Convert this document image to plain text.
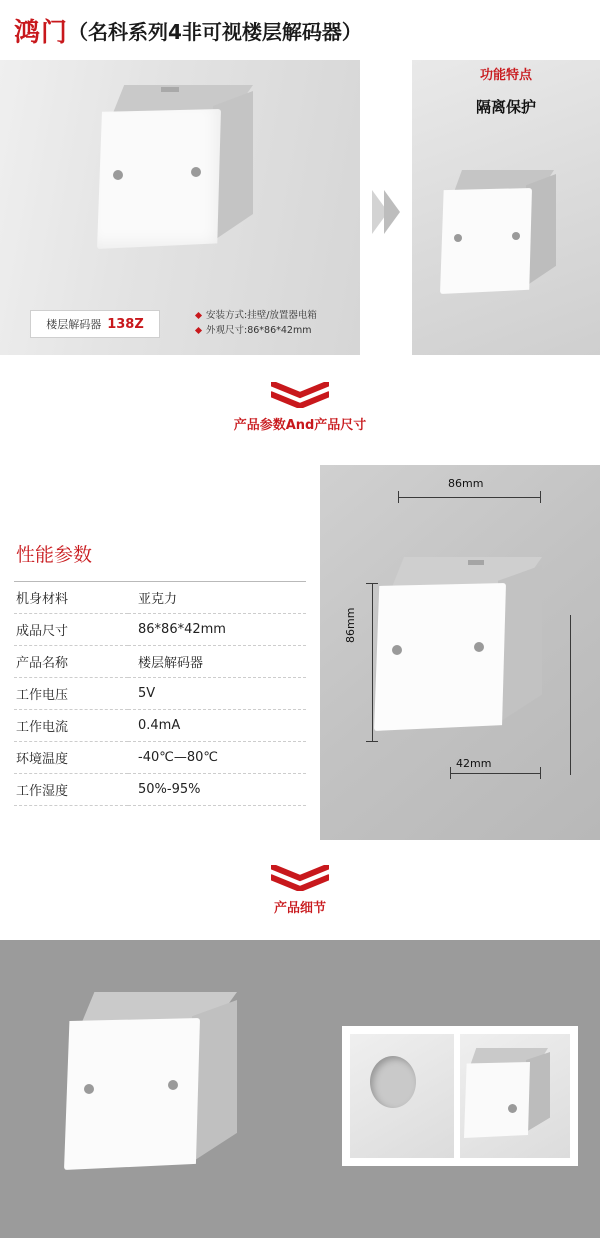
鸿门 （名科系列4非可视楼层解码器）
功能特点
隔离保护
楼层解码器 138Z
安装方式:挂壁/放置器电箱
外观尺寸:86*86*42mm
产品参数And产品尺寸
86mm
86mm
42mm
性能参数
机身材料	亚克力
成品尺寸	86*86*42mm
产品名称	楼层解码器
工作电压	5V
工作电流	0.4mA
环境温度	-40℃—80℃
工作湿度	50%-95%
产品细节
